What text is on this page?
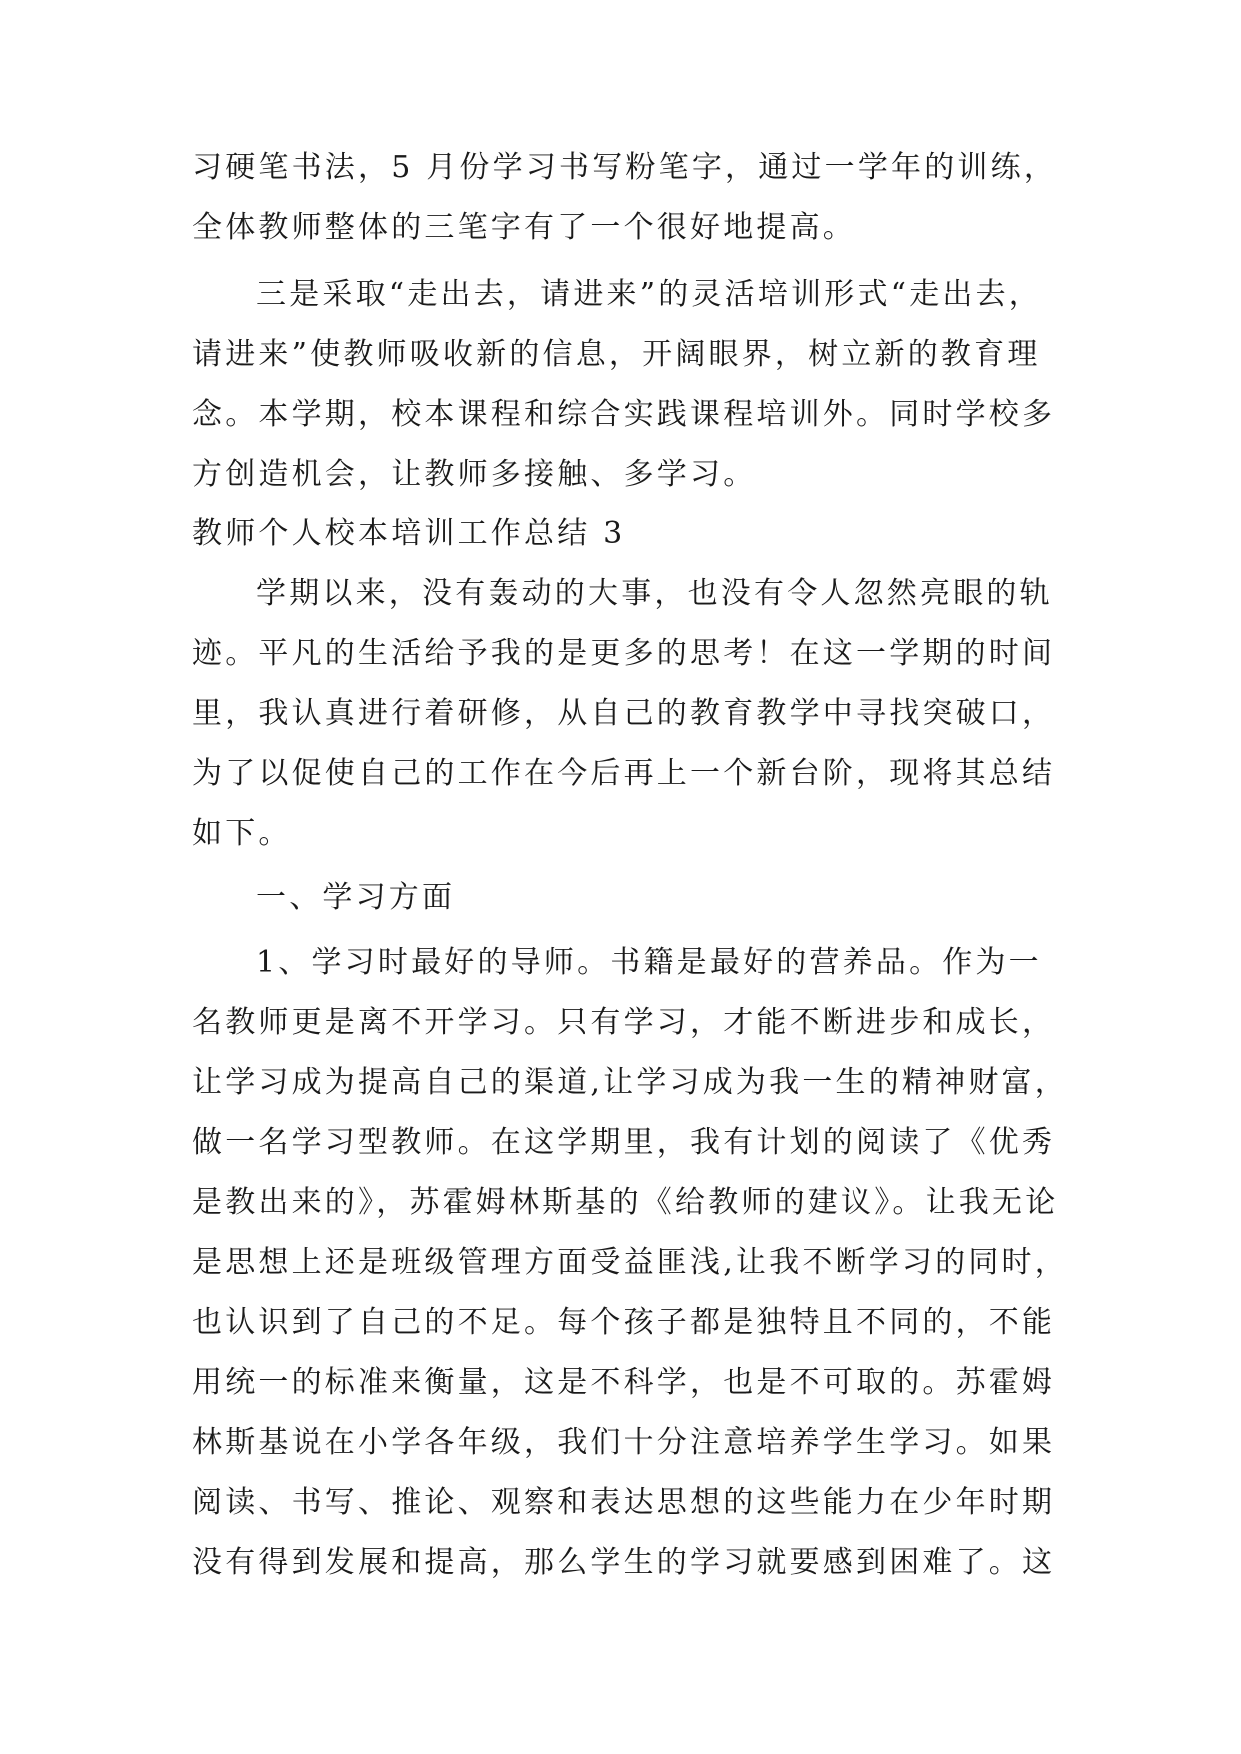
习硬笔书法，5 月份学习书写粉笔字，通过一学年的训练，
全体教师整体的三笔字有了一个很好地提高。
三是采取“走出去，请进来”的灵活培训形式“走出去，
请进来”使教师吸收新的信息，开阔眼界，树立新的教育理
念。本学期，校本课程和综合实践课程培训外。同时学校多
方创造机会，让教师多接触、多学习。
教师个人校本培训工作总结 3
学期以来，没有轰动的大事，也没有令人忽然亮眼的轨
迹。平凡的生活给予我的是更多的思考！在这一学期的时间
里，我认真进行着研修，从自己的教育教学中寻找突破口，
为了以促使自己的工作在今后再上一个新台阶，现将其总结
如下。
一、学习方面
1、学习时最好的导师。书籍是最好的营养品。作为一
名教师更是离不开学习。只有学习，才能不断进步和成长，
让学习成为提高自己的渠道,让学习成为我一生的精神财富，
做一名学习型教师。在这学期里，我有计划的阅读了《优秀
是教出来的》，苏霍姆林斯基的《给教师的建议》。让我无论
是思想上还是班级管理方面受益匪浅,让我不断学习的同时，
也认识到了自己的不足。每个孩子都是独特且不同的，不能
用统一的标准来衡量，这是不科学，也是不可取的。苏霍姆
林斯基说在小学各年级，我们十分注意培养学生学习。如果
阅读、书写、推论、观察和表达思想的这些能力在少年时期
没有得到发展和提高，那么学生的学习就要感到困难了。这
